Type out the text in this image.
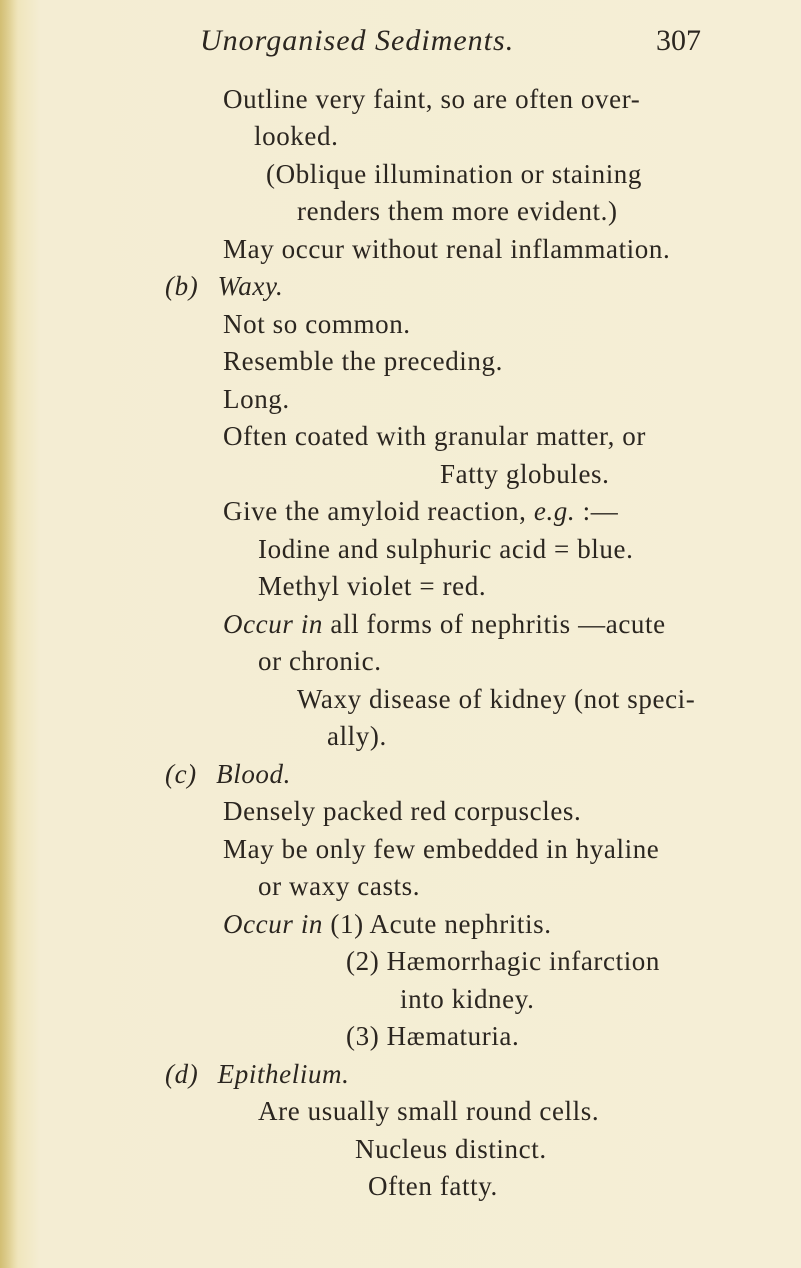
Unorganised Sediments.	307
Outline very faint, so are often over-
looked.
(Oblique illumination or staining
renders them more evident.)
May occur without renal inflammation.
(b) Waxy.
Not so common.
Resemble the preceding.
Long.
Often coated with granular matter, or
Fatty globules.
Give the amyloid reaction, e.g. :—
Iodine and sulphuric acid = blue.
Methyl violet = red.
Occur in all forms of nephritis —acute
or chronic.
Waxy disease of kidney (not speci-
ally).
(c) Blood.
Densely packed red corpuscles.
May be only few embedded in hyaline
or waxy casts.
Occur in (1) Acute nephritis.
(2) Hæmorrhagic infarction
into kidney.
(3) Hæmaturia.
(d) Epithelium.
Are usually small round cells.
Nucleus distinct.
Often fatty.
